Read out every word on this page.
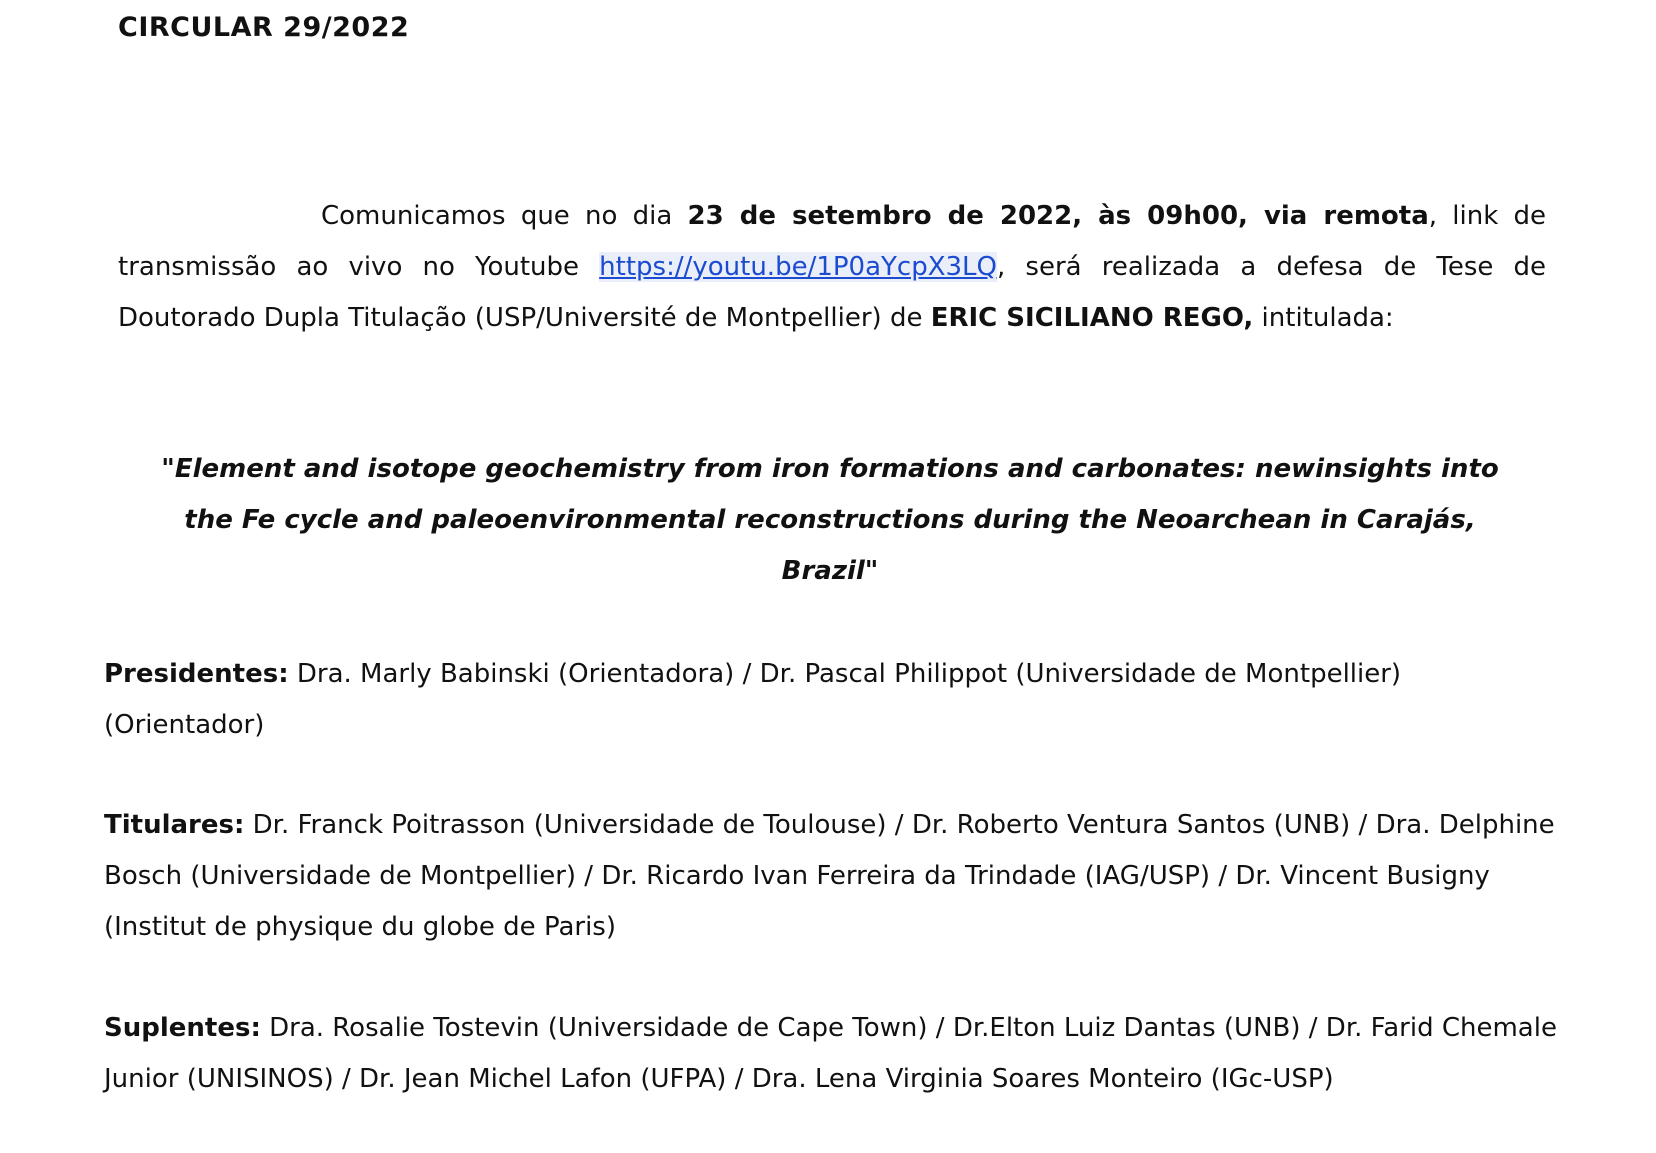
CIRCULAR 29/2022

Comunicamos que no dia 23 de setembro de 2022, às 09h00, via remota, link de transmissão ao vivo no Youtube https://youtu.be/1P0aYcpX3LQ, será realizada a defesa de Tese de Doutorado Dupla Titulação (USP/Université de Montpellier) de ERIC SICILIANO REGO, intitulada:

"Element and isotope geochemistry from iron formations and carbonates: newinsights into the Fe cycle and paleoenvironmental reconstructions during the Neoarchean in Carajás, Brazil"

Presidentes: Dra. Marly Babinski (Orientadora) / Dr. Pascal Philippot (Universidade de Montpellier) (Orientador)

Titulares: Dr. Franck Poitrasson (Universidade de Toulouse) / Dr. Roberto Ventura Santos (UNB) / Dra. Delphine Bosch (Universidade de Montpellier) / Dr. Ricardo Ivan Ferreira da Trindade (IAG/USP) / Dr. Vincent Busigny (Institut de physique du globe de Paris)

Suplentes: Dra. Rosalie Tostevin (Universidade de Cape Town) / Dr.Elton Luiz Dantas (UNB) / Dr. Farid Chemale Junior (UNISINOS) / Dr. Jean Michel Lafon (UFPA) / Dra. Lena Virginia Soares Monteiro (IGc-USP)
